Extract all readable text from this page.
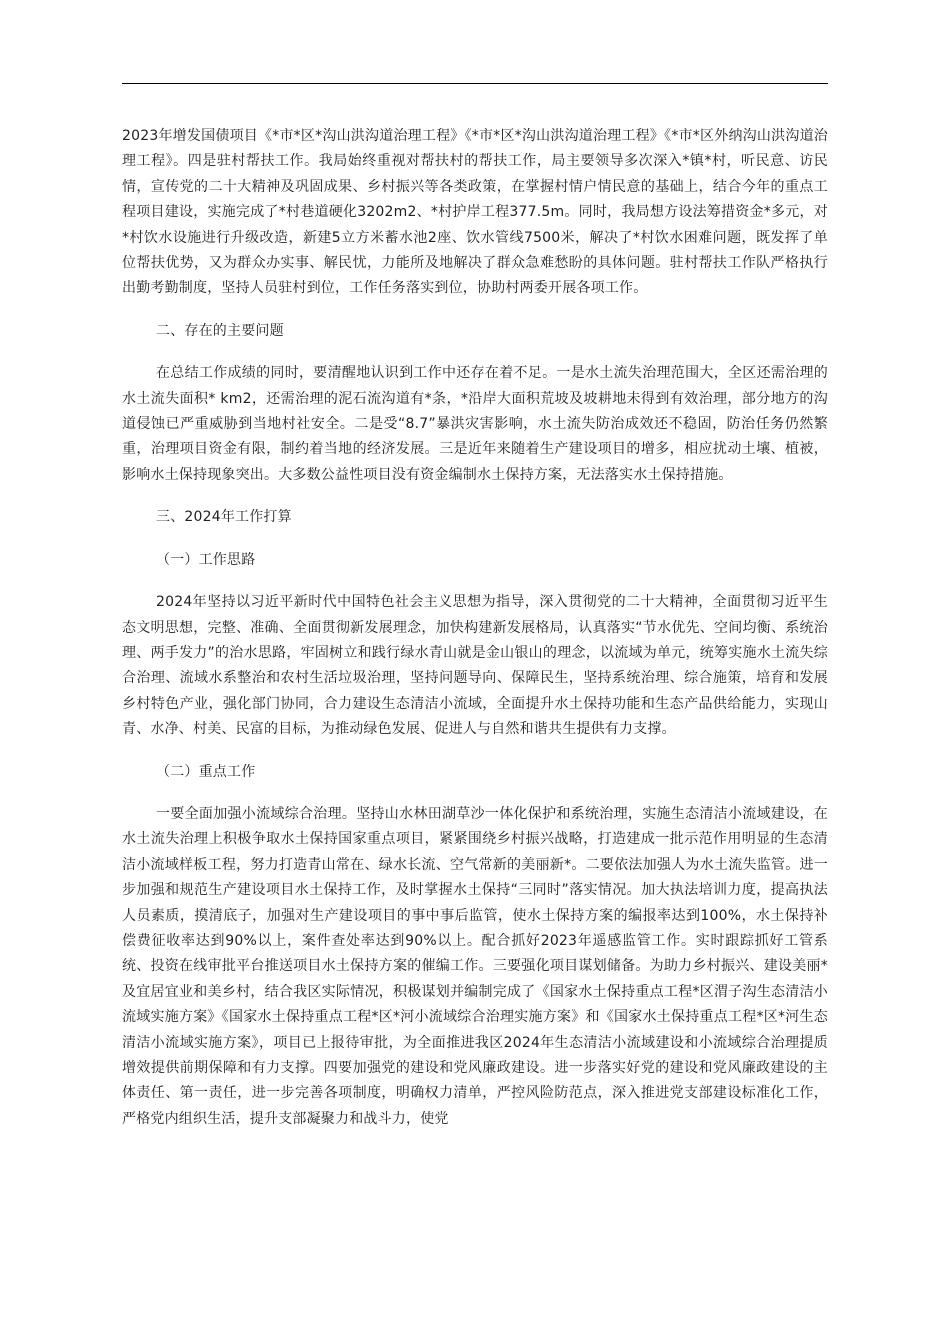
2023年增发国债项目《*市*区*沟山洪沟道治理工程》《*市*区*沟山洪沟道治理工程》《*市*区外纳沟山洪沟道治理工程》。四是驻村帮扶工作。我局始终重视对帮扶村的帮扶工作，局主要领导多次深入*镇*村，听民意、访民情，宣传党的二十大精神及巩固成果、乡村振兴等各类政策，在掌握村情户情民意的基础上，结合今年的重点工程项目建设，实施完成了*村巷道硬化3202m2、*村护岸工程377.5m。同时，我局想方设法筹措资金*多元，对*村饮水设施进行升级改造，新建5立方米蓄水池2座、饮水管线7500米，解决了*村饮水困难问题，既发挥了单位帮扶优势，又为群众办实事、解民忧，力能所及地解决了群众急难愁盼的具体问题。驻村帮扶工作队严格执行出勤考勤制度，坚持人员驻村到位，工作任务落实到位，协助村两委开展各项工作。

二、存在的主要问题

在总结工作成绩的同时，要清醒地认识到工作中还存在着不足。一是水土流失治理范围大，全区还需治理的水土流失面积* km2，还需治理的泥石流沟道有*条，*沿岸大面积荒坡及坡耕地未得到有效治理，部分地方的沟道侵蚀已严重威胁到当地村社安全。二是受“8.7”暴洪灾害影响，水土流失防治成效还不稳固，防治任务仍然繁重，治理项目资金有限，制约着当地的经济发展。三是近年来随着生产建设项目的增多，相应扰动土壤、植被，影响水土保持现象突出。大多数公益性项目没有资金编制水土保持方案，无法落实水土保持措施。

三、2024年工作打算

（一）工作思路

2024年坚持以习近平新时代中国特色社会主义思想为指导，深入贯彻党的二十大精神，全面贯彻习近平生态文明思想，完整、准确、全面贯彻新发展理念，加快构建新发展格局，认真落实“节水优先、空间均衡、系统治理、两手发力”的治水思路，牢固树立和践行绿水青山就是金山银山的理念，以流域为单元，统筹实施水土流失综合治理、流域水系整治和农村生活垃圾治理，坚持问题导向、保障民生，坚持系统治理、综合施策，培育和发展乡村特色产业，强化部门协同，合力建设生态清洁小流域，全面提升水土保持功能和生态产品供给能力，实现山青、水净、村美、民富的目标，为推动绿色发展、促进人与自然和谐共生提供有力支撑。

（二）重点工作

一要全面加强小流域综合治理。坚持山水林田湖草沙一体化保护和系统治理，实施生态清洁小流域建设，在水土流失治理上积极争取水土保持国家重点项目，紧紧围绕乡村振兴战略，打造建成一批示范作用明显的生态清洁小流域样板工程，努力打造青山常在、绿水长流、空气常新的美丽新*。二要依法加强人为水土流失监管。进一步加强和规范生产建设项目水土保持工作，及时掌握水土保持“三同时”落实情况。加大执法培训力度，提高执法人员素质，摸清底子，加强对生产建设项目的事中事后监管，使水土保持方案的编报率达到100%，水土保持补偿费征收率达到90%以上，案件查处率达到90%以上。配合抓好2023年遥感监管工作。实时跟踪抓好工管系统、投资在线审批平台推送项目水土保持方案的催编工作。三要强化项目谋划储备。为助力乡村振兴、建设美丽*及宜居宜业和美乡村，结合我区实际情况，积极谋划并编制完成了《国家水土保持重点工程*区渭子沟生态清洁小流域实施方案》《国家水土保持重点工程*区*河小流域综合治理实施方案》和《国家水土保持重点工程*区*河生态清洁小流域实施方案》，项目已上报待审批，为全面推进我区2024年生态清洁小流域建设和小流域综合治理提质增效提供前期保障和有力支撑。四要加强党的建设和党风廉政建设。进一步落实好党的建设和党风廉政建设的主体责任、第一责任，进一步完善各项制度，明确权力清单，严控风险防范点，深入推进党支部建设标准化工作，严格党内组织生活，提升支部凝聚力和战斗力，使党
